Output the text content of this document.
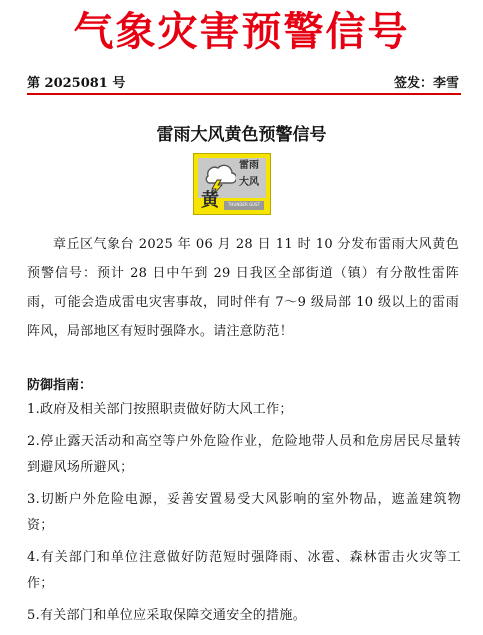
气象灾害预警信号
第 2025081 号	签发：李雪
雷雨大风黄色预警信号
雷雨
大风
黄	THUNDER GUST
章丘区气象台 2025 年 06 月 28 日 11 时 10 分发布雷雨大风黄色预警信号：预计 28 日中午到 29 日我区全部街道（镇）有分散性雷阵雨，可能会造成雷电灾害事故，同时伴有 7～9 级局部 10 级以上的雷雨阵风，局部地区有短时强降水。请注意防范！
防御指南：
1.政府及相关部门按照职责做好防大风工作；
2.停止露天活动和高空等户外危险作业，危险地带人员和危房居民尽量转到避风场所避风；
3.切断户外危险电源，妥善安置易受大风影响的室外物品，遮盖建筑物资；
4.有关部门和单位注意做好防范短时强降雨、冰雹、森林雷击火灾等工作；
5.有关部门和单位应采取保障交通安全的措施。
